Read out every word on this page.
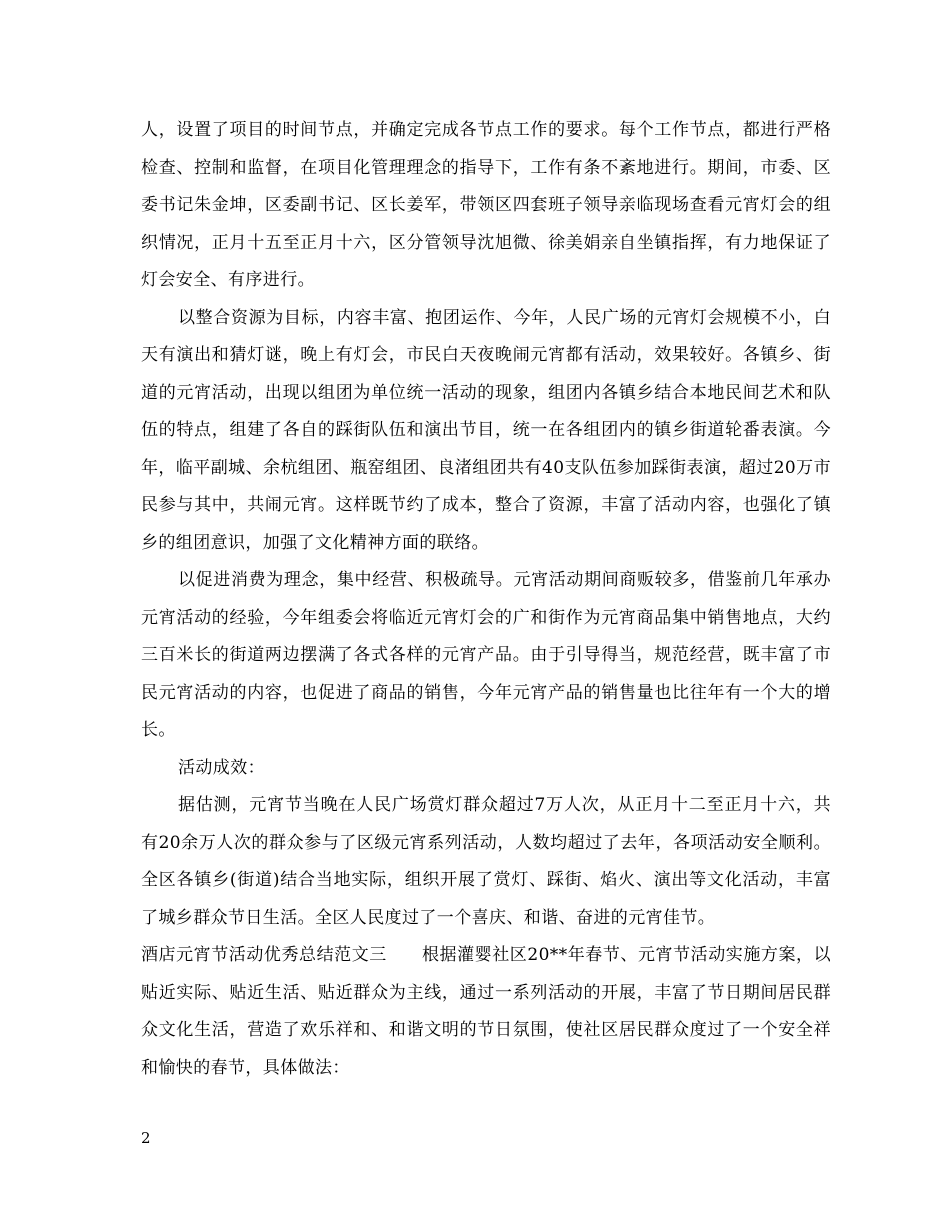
人，设置了项目的时间节点，并确定完成各节点工作的要求。每个工作节点，都进行严格检查、控制和监督，在项目化管理理念的指导下，工作有条不紊地进行。期间，市委、区委书记朱金坤，区委副书记、区长姜军，带领区四套班子领导亲临现场查看元宵灯会的组织情况，正月十五至正月十六，区分管领导沈旭微、徐美娟亲自坐镇指挥，有力地保证了灯会安全、有序进行。

以整合资源为目标，内容丰富、抱团运作、今年，人民广场的元宵灯会规模不小，白天有演出和猜灯谜，晚上有灯会，市民白天夜晚闹元宵都有活动，效果较好。各镇乡、街道的元宵活动，出现以组团为单位统一活动的现象，组团内各镇乡结合本地民间艺术和队伍的特点，组建了各自的踩街队伍和演出节目，统一在各组团内的镇乡街道轮番表演。今年，临平副城、余杭组团、瓶窑组团、良渚组团共有40支队伍参加踩街表演，超过20万市民参与其中，共闹元宵。这样既节约了成本，整合了资源，丰富了活动内容，也强化了镇乡的组团意识，加强了文化精神方面的联络。

以促进消费为理念，集中经营、积极疏导。元宵活动期间商贩较多，借鉴前几年承办元宵活动的经验，今年组委会将临近元宵灯会的广和街作为元宵商品集中销售地点，大约三百米长的街道两边摆满了各式各样的元宵产品。由于引导得当，规范经营，既丰富了市民元宵活动的内容，也促进了商品的销售，今年元宵产品的销售量也比往年有一个大的增长。

活动成效：

据估测，元宵节当晚在人民广场赏灯群众超过7万人次，从正月十二至正月十六，共有20余万人次的群众参与了区级元宵系列活动，人数均超过了去年，各项活动安全顺利。全区各镇乡(街道)结合当地实际，组织开展了赏灯、踩街、焰火、演出等文化活动，丰富了城乡群众节日生活。全区人民度过了一个喜庆、和谐、奋进的元宵佳节。

酒店元宵节活动优秀总结范文三　　根据灌婴社区20**年春节、元宵节活动实施方案，以贴近实际、贴近生活、贴近群众为主线，通过一系列活动的开展，丰富了节日期间居民群众文化生活，营造了欢乐祥和、和谐文明的节日氛围，使社区居民群众度过了一个安全祥和愉快的春节，具体做法：

2
